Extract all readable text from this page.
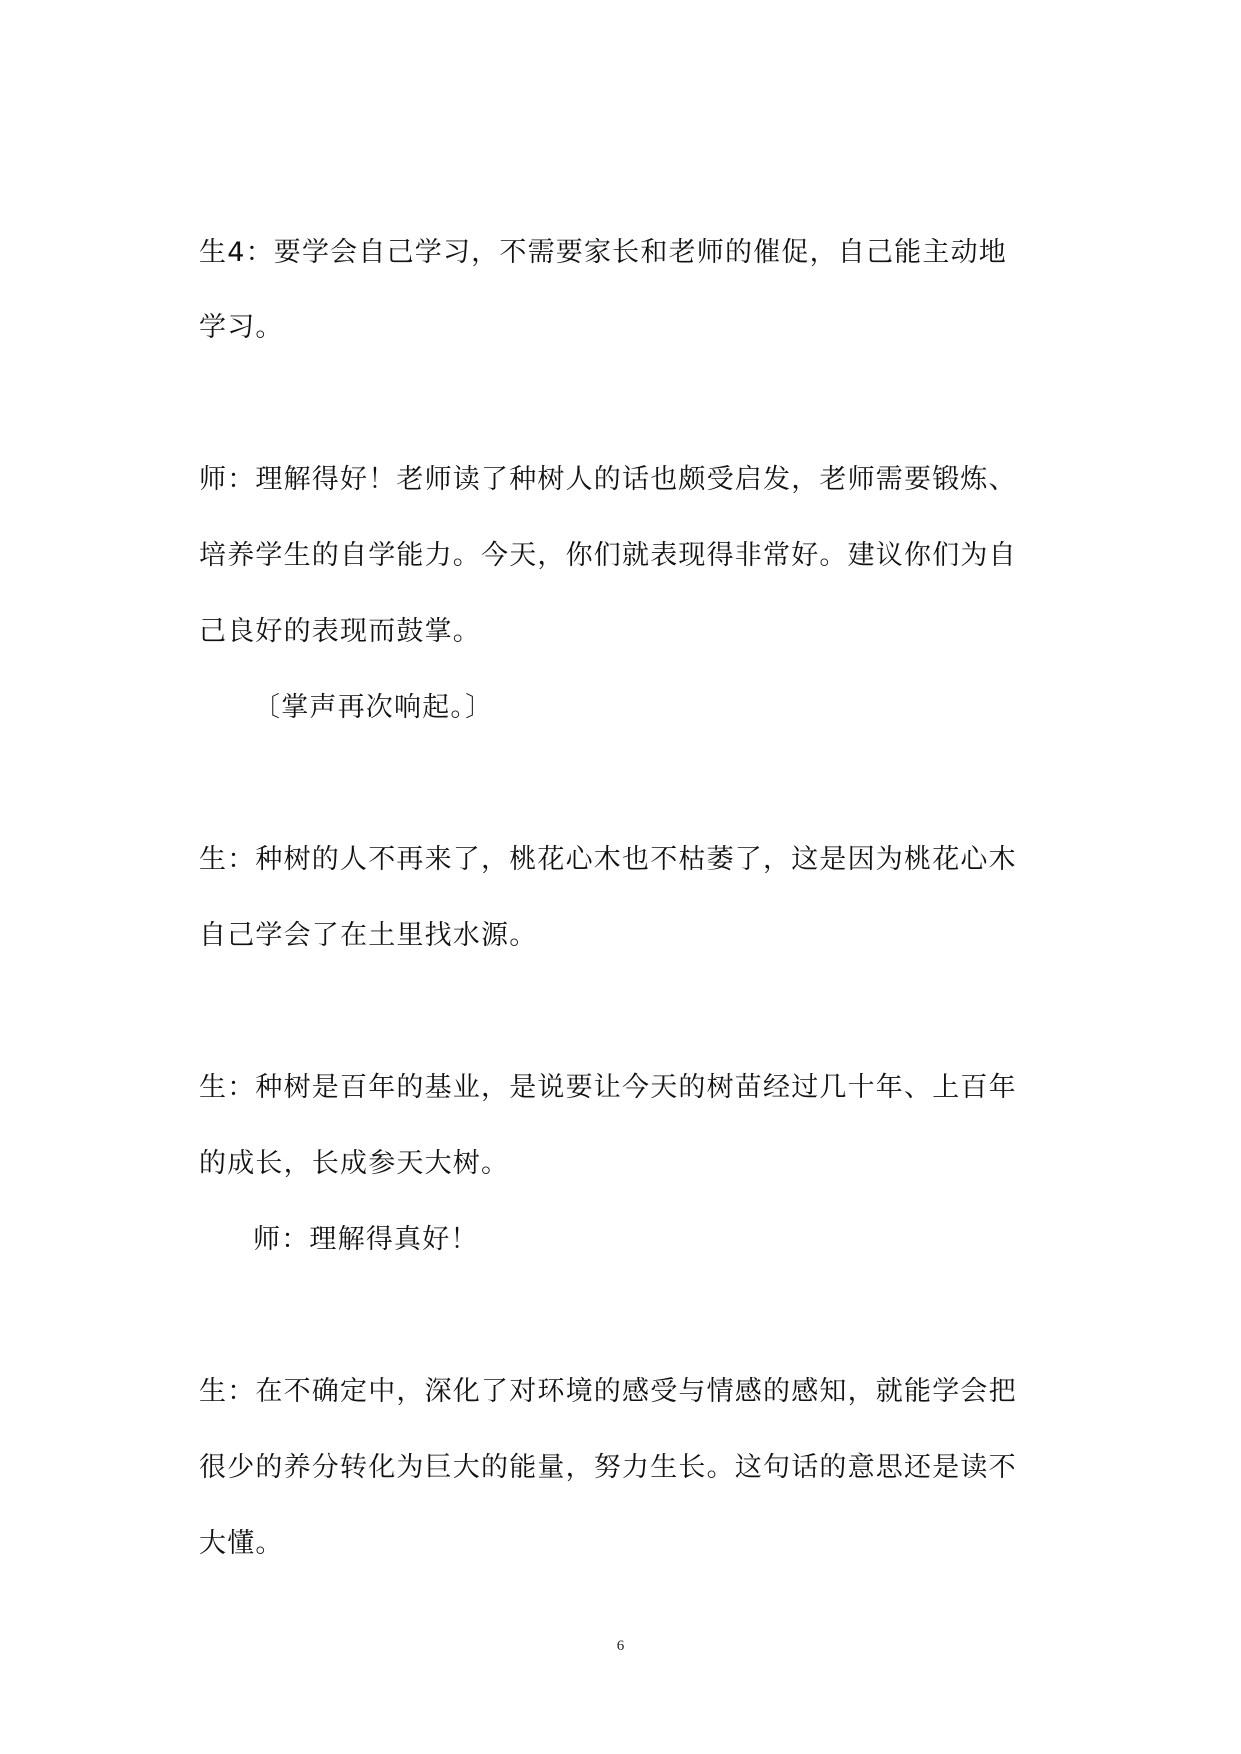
生4：要学会自己学习，不需要家长和老师的催促，自己能主动地
学习。
师：理解得好！老师读了种树人的话也颇受启发，老师需要锻炼、
培养学生的自学能力。今天，你们就表现得非常好。建议你们为自
己良好的表现而鼓掌。
〔掌声再次响起。〕
生：种树的人不再来了，桃花心木也不枯萎了，这是因为桃花心木
自己学会了在土里找水源。
生：种树是百年的基业，是说要让今天的树苗经过几十年、上百年
的成长，长成参天大树。
师：理解得真好！
生：在不确定中，深化了对环境的感受与情感的感知，就能学会把
很少的养分转化为巨大的能量，努力生长。这句话的意思还是读不
大懂。
6
